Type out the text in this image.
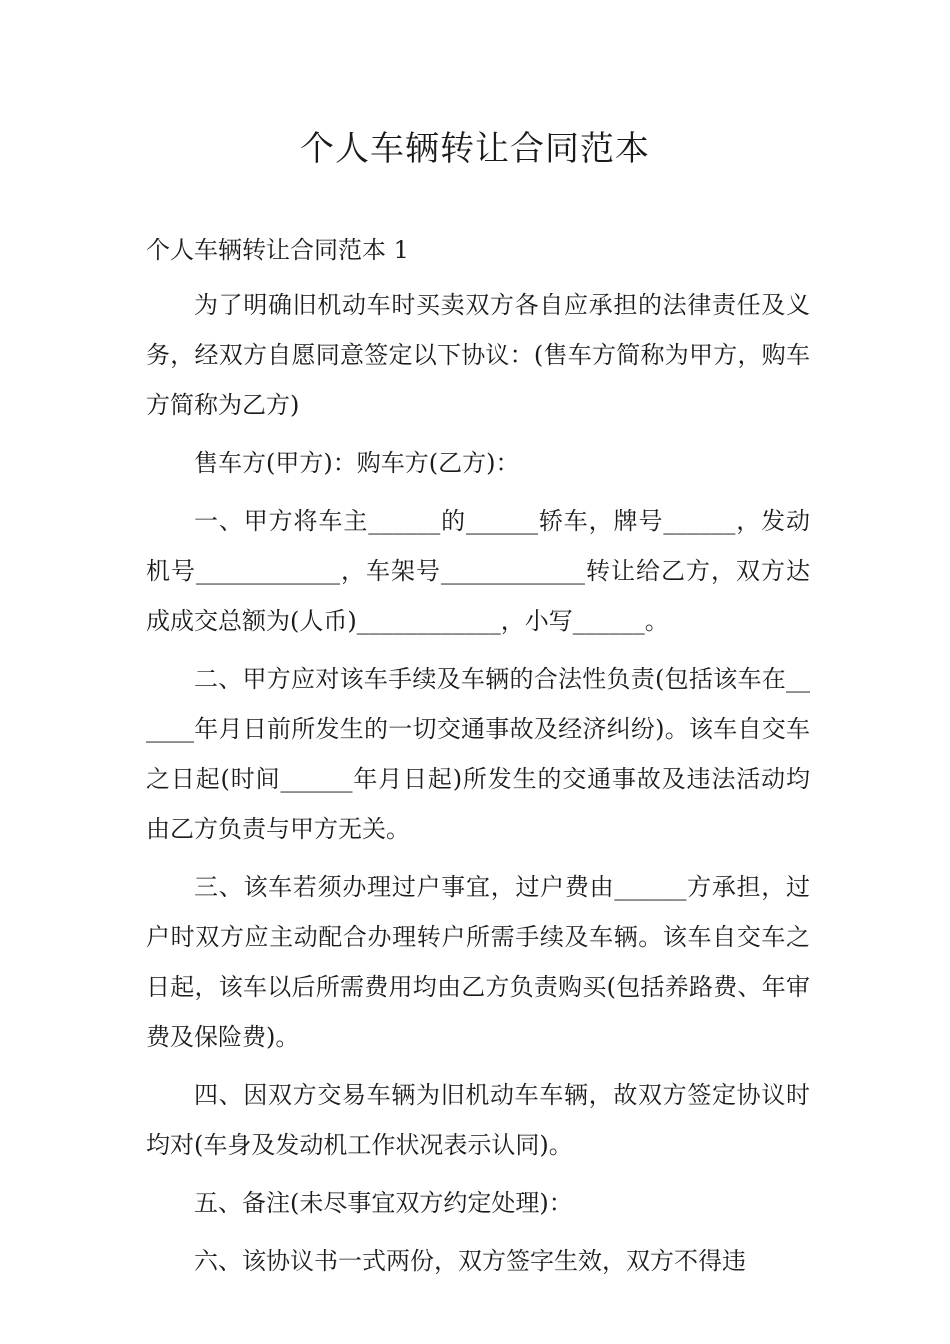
个人车辆转让合同范本

个人车辆转让合同范本 1

为了明确旧机动车时买卖双方各自应承担的法律责任及义务，经双方自愿同意签定以下协议：(售车方简称为甲方，购车方简称为乙方)

售车方(甲方)：购车方(乙方)：

一、甲方将车主______的______轿车，牌号______，发动机号____________，车架号____________转让给乙方，双方达成成交总额为(人币)____________，小写______。

二、甲方应对该车手续及车辆的合法性负责(包括该车在______年月日前所发生的一切交通事故及经济纠纷)。该车自交车之日起(时间______年月日起)所发生的交通事故及违法活动均由乙方负责与甲方无关。

三、该车若须办理过户事宜，过户费由______方承担，过户时双方应主动配合办理转户所需手续及车辆。该车自交车之日起，该车以后所需费用均由乙方负责购买(包括养路费、年审费及保险费)。

四、因双方交易车辆为旧机动车车辆，故双方签定协议时均对(车身及发动机工作状况表示认同)。

五、备注(未尽事宜双方约定处理)：

六、该协议书一式两份，双方签字生效，双方不得违
